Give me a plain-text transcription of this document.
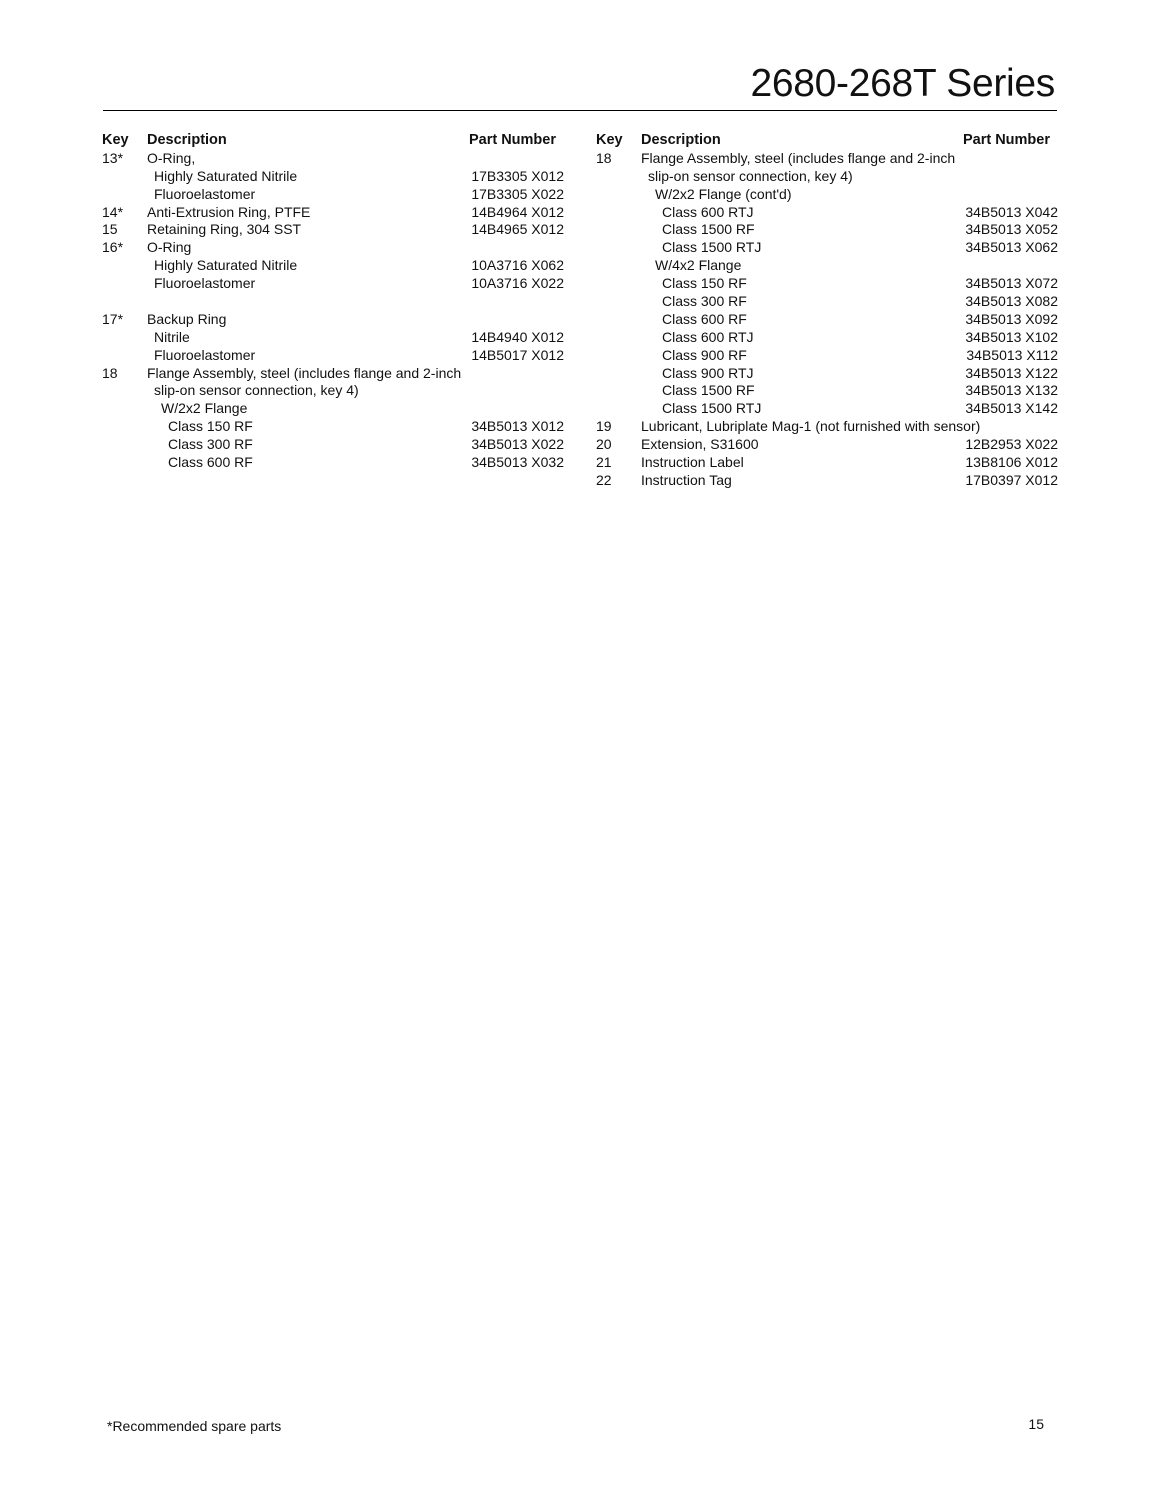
2680-268T Series
Key Description	Part Number
13* O-Ring,
Highly Saturated Nitrile	17B3305 X012
Fluoroelastomer	17B3305 X022
14* Anti-Extrusion Ring, PTFE	14B4964 X012
15 Retaining Ring, 304 SST	14B4965 X012
16* O-Ring
Highly Saturated Nitrile	10A3716 X062
Fluoroelastomer	10A3716 X022
17* Backup Ring
Nitrile	14B4940 X012
Fluoroelastomer	14B5017 X012
18 Flange Assembly, steel (includes flange and 2-inch
slip-on sensor connection, key 4)
W/2x2 Flange
Class 150 RF	34B5013 X012
Class 300 RF	34B5013 X022
Class 600 RF	34B5013 X032
Key Description	Part Number
18 Flange Assembly, steel (includes flange and 2-inch
slip-on sensor connection, key 4)
W/2x2 Flange (cont'd)
Class 600 RTJ	34B5013 X042
Class 1500 RF	34B5013 X052
Class 1500 RTJ	34B5013 X062
W/4x2 Flange
Class 150 RF	34B5013 X072
Class 300 RF	34B5013 X082
Class 600 RF	34B5013 X092
Class 600 RTJ	34B5013 X102
Class 900 RF	34B5013 X112
Class 900 RTJ	34B5013 X122
Class 1500 RF	34B5013 X132
Class 1500 RTJ	34B5013 X142
19 Lubricant, Lubriplate Mag-1 (not furnished with sensor)
20 Extension, S31600	12B2953 X022
21 Instruction Label	13B8106 X012
22 Instruction Tag	17B0397 X012
*Recommended spare parts	15
